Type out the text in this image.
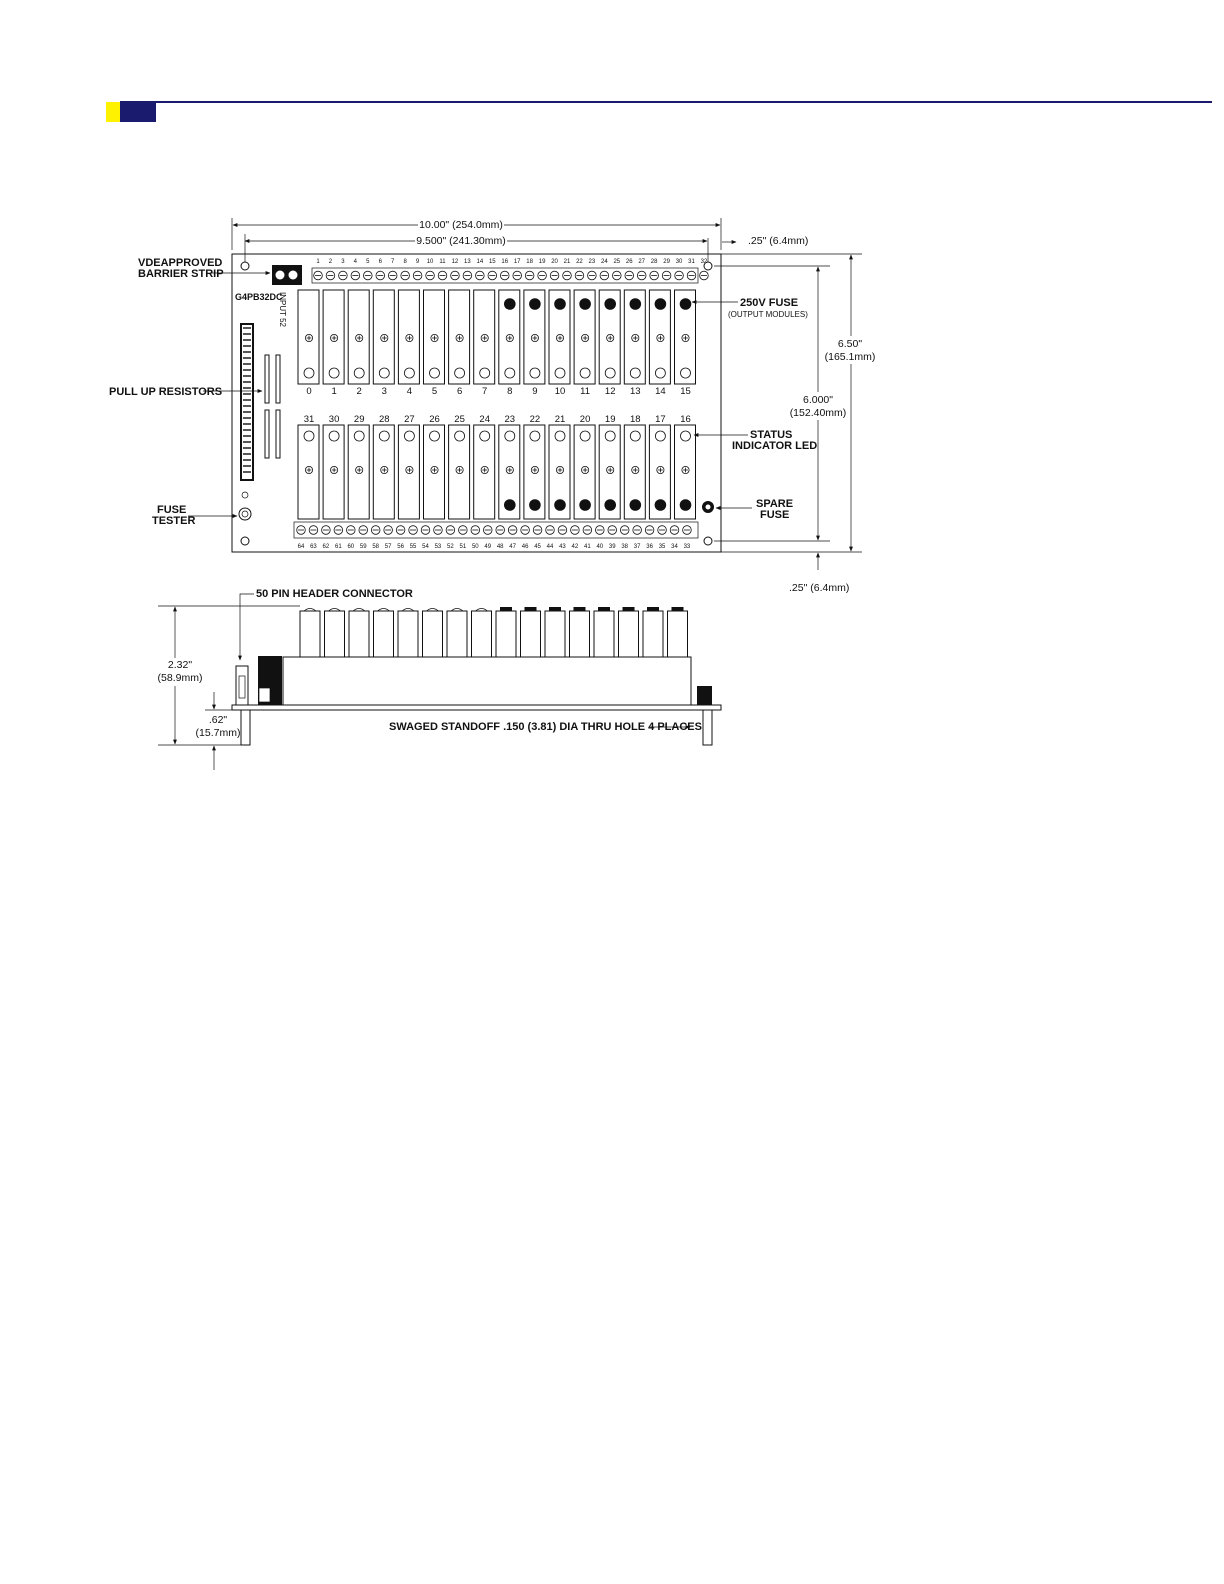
10.00" (254.0mm)
9.500" (241.30mm)	.25" (6.4mm)
1 2 3 4 5 6 7 8 9 10 11 12 13 14 15 16 17 18 19 20 21 22 23 24 25 26 27 28 29 30 31 32
64 63 62 61 60 59 58 57 56 55 54 53 52 51 50 49 48 47 46 45 44 43 42 41 40 39 38 37 36 35 34 33
G4PB32DC
INPUT 52
0 1 2 3 4 5 6 7 8 9 10 11 12 13 14 15
31 30 29 28 27 26 25 24 23 22 21 20 19 18 17 16
VDEAPPROVED
BARRIER STRIP
PULL UP RESISTORS
FUSE
TESTER
250V FUSE
(OUTPUT MODULES)
STATUS
INDICATOR LED
SPARE
FUSE
6.50"
(165.1mm)
6.000"
(152.40mm)
.25" (6.4mm)
50 PIN HEADER CONNECTOR
2.32"
(58.9mm)
.62"
(15.7mm)	SWAGED STANDOFF .150 (3.81) DIA THRU HOLE 4 PLACES
